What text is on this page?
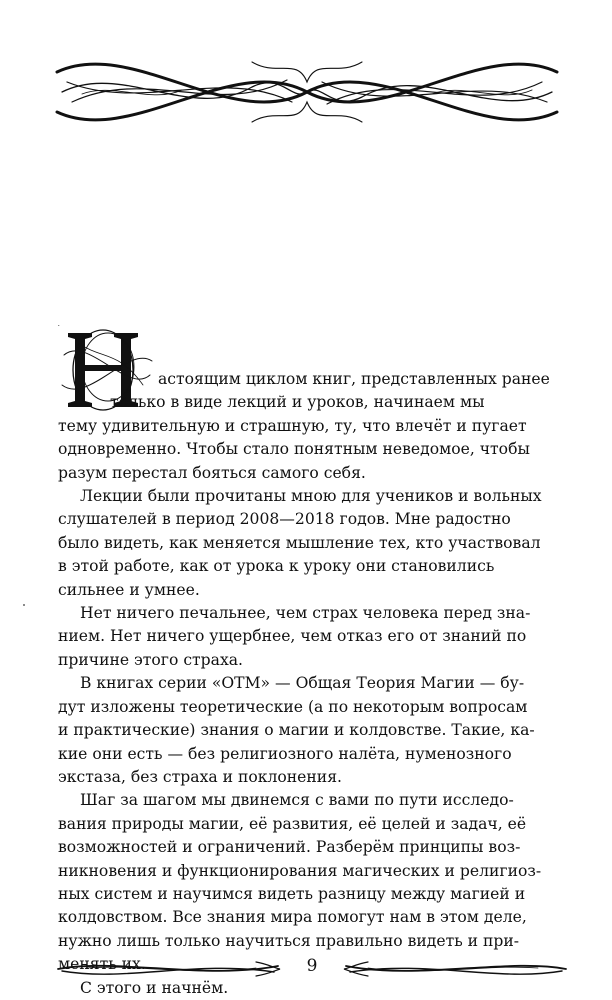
Н

астоящим циклом книг, представленных ранее
только в виде лекций и уроков, начинаем мы
тему удивительную и страшную, ту, что влечёт и пугает
одновременно. Чтобы стало понятным неведомое, чтобы
разум перестал бояться самого себя.

Лекции были прочитаны мною для учеников и вольных
слушателей в период 2008—2018 годов. Мне радостно
было видеть, как меняется мышление тех, кто участвовал
в этой работе, как от урока к уроку они становились
сильнее и умнее.

Нет ничего печальнее, чем страх человека перед зна-
нием. Нет ничего ущербнее, чем отказ его от знаний по
причине этого страха.

В книгах серии «ОТМ» — Общая Теория Магии — бу-
дут изложены теоретические (а по некоторым вопросам
и практические) знания о магии и колдовстве. Такие, ка-
кие они есть — без религиозного налёта, нуменозного
экстаза, без страха и поклонения.

Шаг за шагом мы двинемся с вами по пути исследо-
вания природы магии, её развития, её целей и задач, её
возможностей и ограничений. Разберём принципы воз-
никновения и функционирования магических и религиоз-
ных систем и научимся видеть разницу между магией и
колдовством. Все знания мира помогут нам в этом деле,
нужно лишь только научиться правильно видеть и при-
менять их.

С этого и начнём.

9
